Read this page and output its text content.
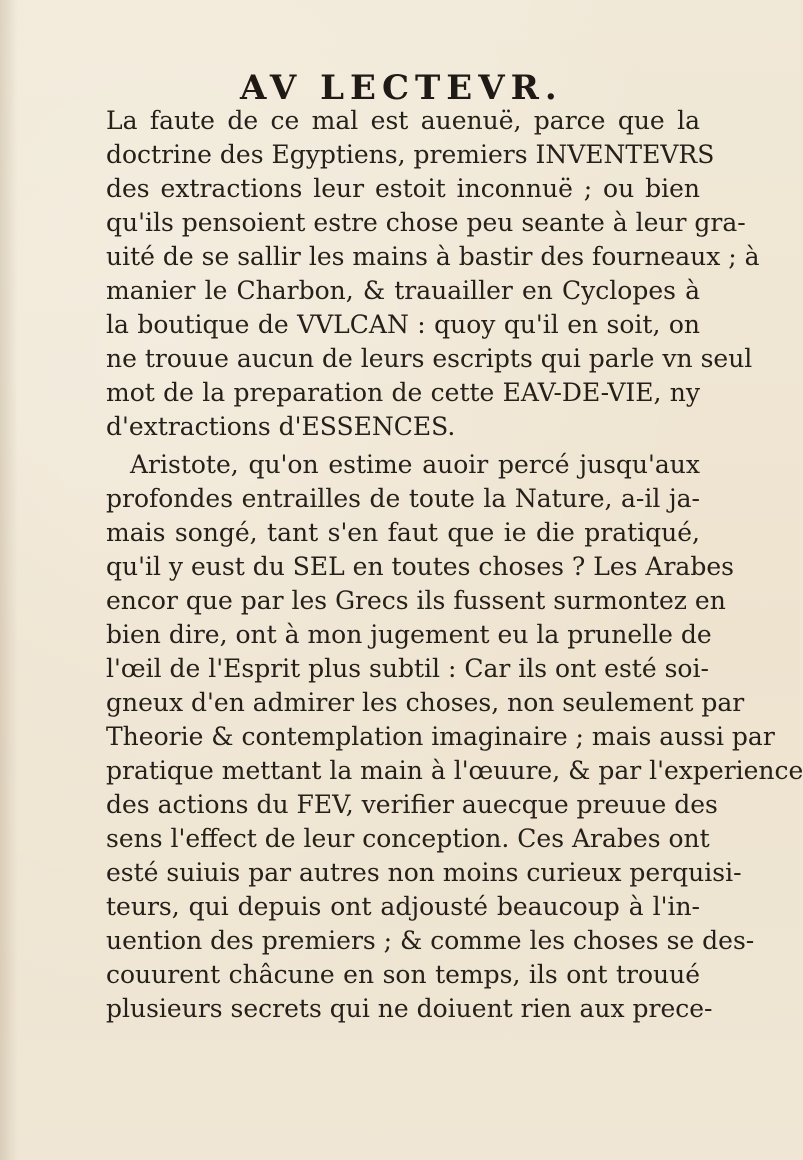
AV LECTEVR.
La faute de ce mal est auenuë, parce que la
doctrine des Egyptiens, premiers INVENTEVRS
des extractions leur estoit inconnuë ; ou bien
qu'ils pensoient estre chose peu seante à leur gra-
uité de se sallir les mains à bastir des fourneaux ; à
manier le Charbon, & trauailler en Cyclopes à
la boutique de VVLCAN : quoy qu'il en soit, on
ne trouue aucun de leurs escripts qui parle vn seul
mot de la preparation de cette EAV-DE-VIE, ny
d'extractions d'ESSENCES.
Aristote, qu'on estime auoir percé jusqu'aux
profondes entrailles de toute la Nature, a-il ja-
mais songé, tant s'en faut que ie die pratiqué,
qu'il y eust du SEL en toutes choses ? Les Arabes
encor que par les Grecs ils fussent surmontez en
bien dire, ont à mon jugement eu la prunelle de
l'œil de l'Esprit plus subtil : Car ils ont esté soi-
gneux d'en admirer les choses, non seulement par
Theorie & contemplation imaginaire ; mais aussi par
pratique mettant la main à l'œuure, & par l'experience
des actions du FEV, verifier auecque preuue des
sens l'effect de leur conception. Ces Arabes ont
esté suiuis par autres non moins curieux perquisi-
teurs, qui depuis ont adjousté beaucoup à l'in-
uention des premiers ; & comme les choses se des-
couurent châcune en son temps, ils ont trouué
plusieurs secrets qui ne doiuent rien aux prece-
